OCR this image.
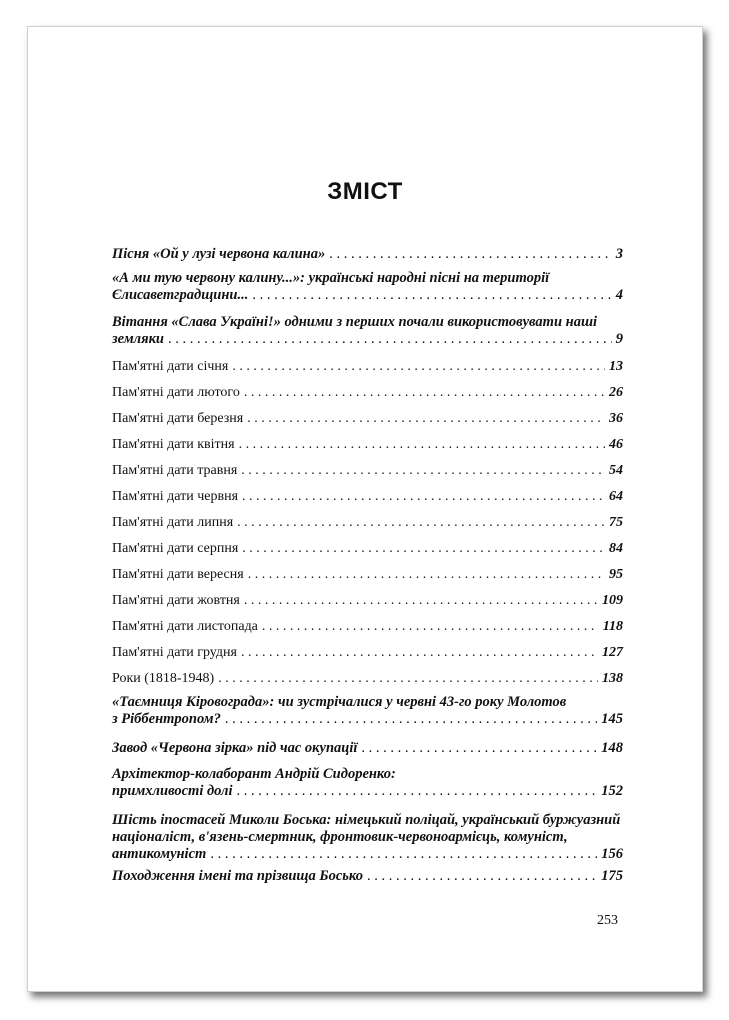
ЗМІСТ
Пісня «Ой у лузі червона калина» . . .	3
«А ми тую червону калину...»: українські народні пісні на території
Єлисаветградщини... . . .	4
Вітання «Слава Україні!» одними з перших почали використовувати наші
земляки . . .	9
Пам'ятні дати січня . . .	13
Пам'ятні дати лютого . . .	26
Пам'ятні дати березня . . .	36
Пам'ятні дати квітня . . .	46
Пам'ятні дати травня . . .	54
Пам'ятні дати червня . . .	64
Пам'ятні дати липня . . .	75
Пам'ятні дати серпня . . .	84
Пам'ятні дати вересня . . .	95
Пам'ятні дати жовтня . . .	109
Пам'ятні дати листопада . . .	118
Пам'ятні дати грудня . . .	127
Роки (1818-1948) . . .	138
«Таємниця Кіровограда»: чи зустрічалися у червні 43-го року Молотов
з Ріббентропом? . . .	145
Завод «Червона зірка» під час окупації . . .	148
Архітектор-колаборант Андрій Сидоренко:
примхливості долі . . .	152
Шість іпостасей Миколи Боська: німецький поліцай, український буржуазний
націоналіст, в'язень-смертник, фронтовик-червоноармієць, комуніст,
антикомуніст . . .	156
Походження імені та прізвища Босько . . .	175
253
